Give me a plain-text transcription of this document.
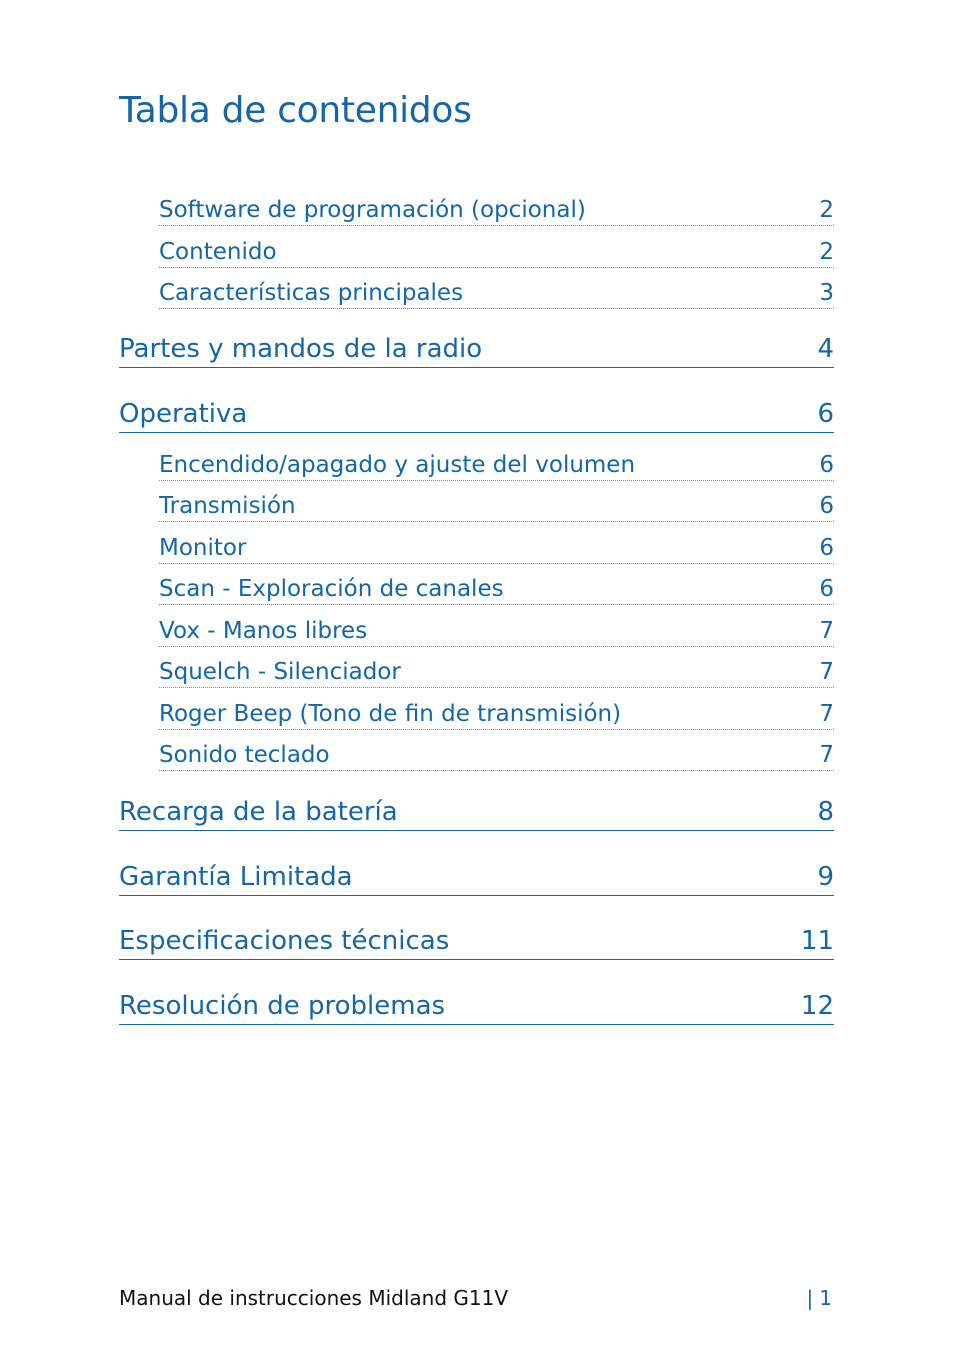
Tabla de contenidos
Software de programación (opcional)	2
Contenido	2
Características principales	3
Partes y mandos de la radio	4
Operativa	6
Encendido/apagado y ajuste del volumen	6
Transmisión	6
Monitor	6
Scan - Exploración de canales	6
Vox - Manos libres	7
Squelch - Silenciador	7
Roger Beep (Tono de fin de transmisión)	7
Sonido teclado	7
Recarga de la batería	8
Garantía Limitada	9
Especificaciones técnicas	11
Resolución de problemas	12
Manual de instrucciones Midland G11V	| 1
